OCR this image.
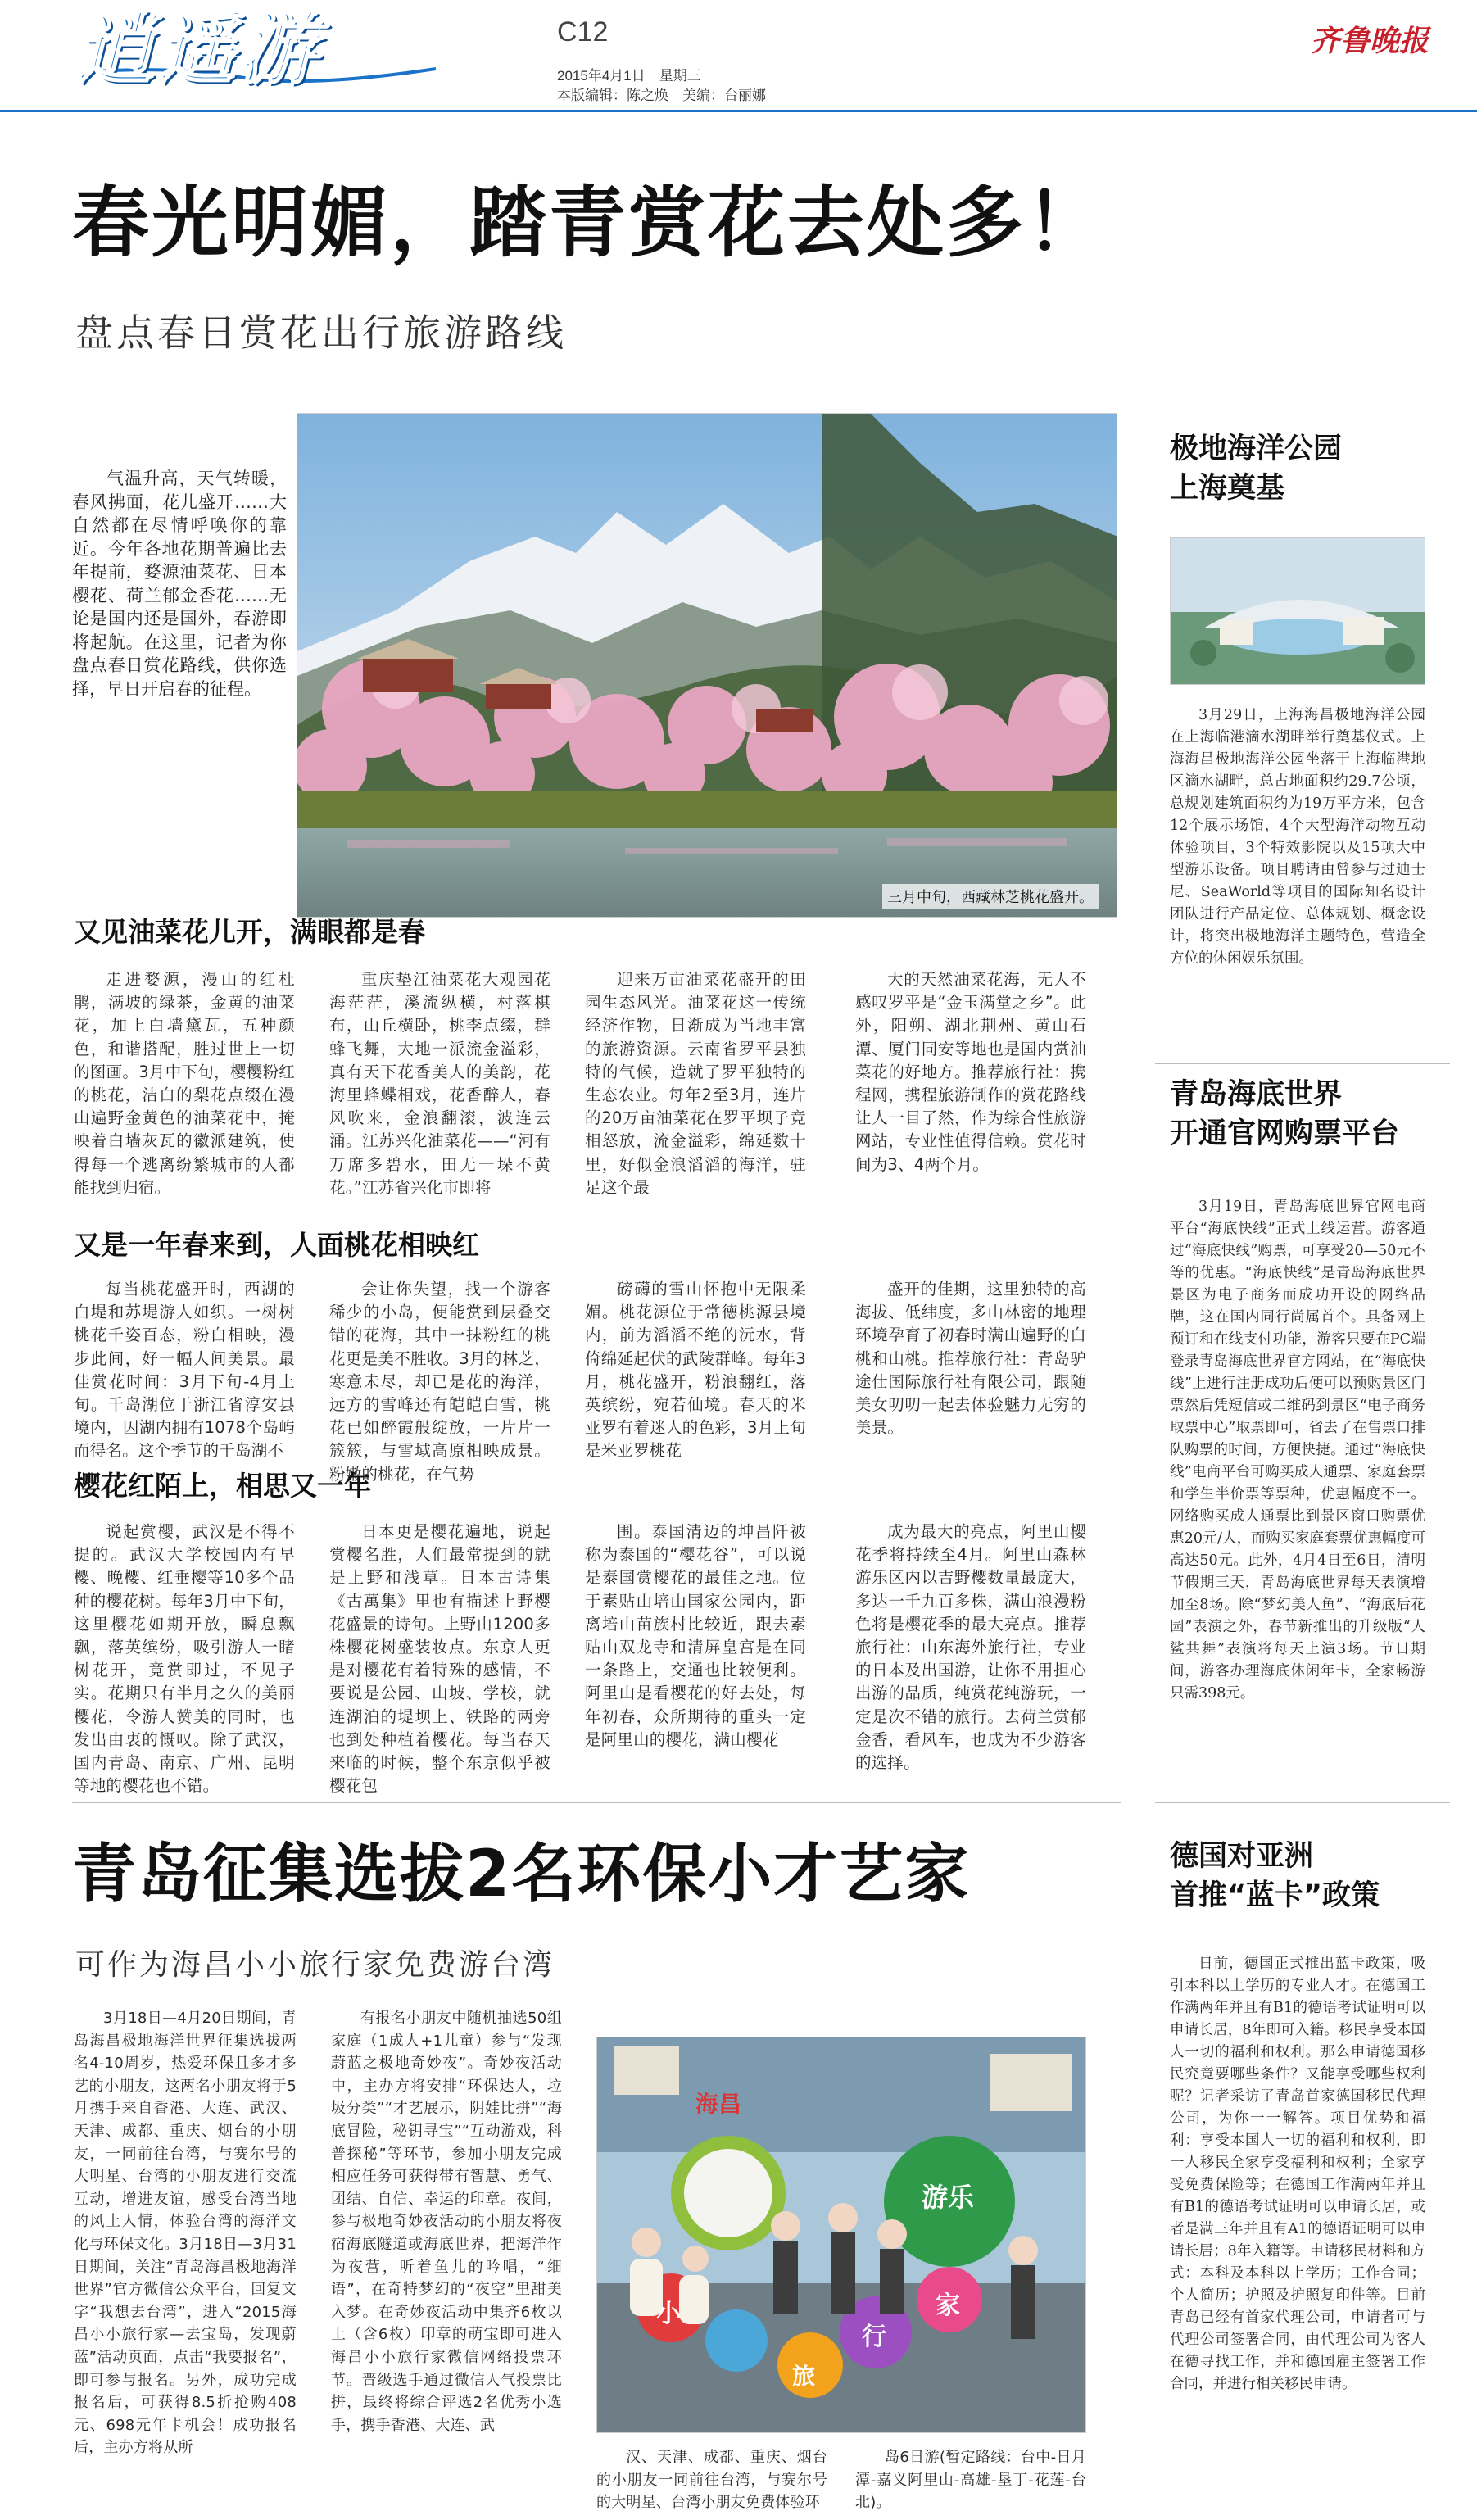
逍遥游	C12
2015年4月1日　星期三
本版编辑：陈之焕　美编：台丽娜
齐鲁晚报
春光明媚，踏青赏花去处多！
盘点春日赏花出行旅游路线
三月中旬，西藏林芝桃花盛开。
气温升高，天气转暖，春风拂面，花儿盛开……大自然都在尽情呼唤你的靠近。今年各地花期普遍比去年提前，婺源油菜花、日本樱花、荷兰郁金香花……无论是国内还是国外，春游即将起航。在这里，记者为你盘点春日赏花路线，供你选择，早日开启春的征程。
又见油菜花儿开，满眼都是春

走进婺源，漫山的红杜鹃，满坡的绿茶，金黄的油菜花，加上白墙黛瓦，五种颜色，和谐搭配，胜过世上一切的图画。3月中下旬，樱樱粉红的桃花，洁白的梨花点缀在漫山遍野金黄色的油菜花中，掩映着白墙灰瓦的徽派建筑，使得每一个逃离纷繁城市的人都能找到归宿。

重庆垫江油菜花大观园花海茫茫，溪流纵横，村落棋布，山丘横卧，桃李点缀，群蜂飞舞，大地一派流金溢彩，真有天下花香美人的美韵，花海里蜂蝶相戏，花香醉人，春风吹来，金浪翻滚，波连云涌。江苏兴化油菜花——“河有万席多碧水，田无一垛不黄花。”江苏省兴化市即将

迎来万亩油菜花盛开的田园生态风光。油菜花这一传统经济作物，日渐成为当地丰富的旅游资源。云南省罗平县独特的气候，造就了罗平独特的生态农业。每年2至3月，连片的20万亩油菜花在罗平坝子竞相怒放，流金溢彩，绵延数十里，好似金浪滔滔的海洋，驻足这个最

大的天然油菜花海，无人不感叹罗平是“金玉满堂之乡”。此外，阳朔、湖北荆州、黄山石潭、厦门同安等地也是国内赏油菜花的好地方。推荐旅行社：携程网，携程旅游制作的赏花路线让人一目了然，作为综合性旅游网站，专业性值得信赖。赏花时间为3、4两个月。

又是一年春来到，人面桃花相映红

每当桃花盛开时，西湖的白堤和苏堤游人如织。一树树桃花千姿百态，粉白相映，漫步此间，好一幅人间美景。最佳赏花时间：3月下旬-4月上旬。千岛湖位于浙江省淳安县境内，因湖内拥有1078个岛屿而得名。这个季节的千岛湖不

会让你失望，找一个游客稀少的小岛，便能赏到层叠交错的花海，其中一抹粉红的桃花更是美不胜收。3月的林芝，寒意未尽，却已是花的海洋，远方的雪峰还有皑皑白雪，桃花已如醉霞般绽放，一片片一簇簇，与雪域高原相映成景。粉嫩的桃花，在气势

磅礴的雪山怀抱中无限柔媚。桃花源位于常德桃源县境内，前为滔滔不绝的沅水，背倚绵延起伏的武陵群峰。每年3月，桃花盛开，粉浪翻红，落英缤纷，宛若仙境。春天的米亚罗有着迷人的色彩，3月上旬是米亚罗桃花

盛开的佳期，这里独特的高海拔、低纬度，多山林密的地理环境孕育了初春时满山遍野的白桃和山桃。推荐旅行社：青岛驴途仕国际旅行社有限公司，跟随美女叨叨一起去体验魅力无穷的美景。

樱花红陌上，相思又一年

说起赏樱，武汉是不得不提的。武汉大学校园内有早樱、晚樱、红垂樱等10多个品种的樱花树。每年3月中下旬，这里樱花如期开放，瞬息飘飘，落英缤纷，吸引游人一睹树花开，竟赏即过，不见子实。花期只有半月之久的美丽樱花，令游人赞美的同时，也发出由衷的慨叹。除了武汉，国内青岛、南京、广州、昆明等地的樱花也不错。

日本更是樱花遍地，说起赏樱名胜，人们最常提到的就是上野和浅草。日本古诗集《古萬集》里也有描述上野樱花盛景的诗句。上野由1200多株樱花树盛装妆点。东京人更是对樱花有着特殊的感情，不要说是公园、山坡、学校，就连湖泊的堤坝上、铁路的两旁也到处种植着樱花。每当春天来临的时候，整个东京似乎被樱花包

围。泰国清迈的坤昌阡被称为泰国的“樱花谷”，可以说是泰国赏樱花的最佳之地。位于素贴山培山国家公园内，距离培山苗族村比较近，跟去素贴山双龙寺和清屏皇宫是在同一条路上，交通也比较便利。阿里山是看樱花的好去处，每年初春，众所期待的重头一定是阿里山的樱花，满山樱花

成为最大的亮点，阿里山樱花季将持续至4月。阿里山森林游乐区内以吉野樱数量最庞大，多达一千九百多株，满山浪漫粉色将是樱花季的最大亮点。推荐旅行社：山东海外旅行社，专业的日本及出国游，让你不用担心出游的品质，纯赏花纯游玩，一定是次不错的旅行。去荷兰赏郁金香，看风车，也成为不少游客的选择。

青岛征集选拔2名环保小才艺家
可作为海昌小小旅行家免费游台湾

3月18日—4月20日期间，青岛海昌极地海洋世界征集选拔两名4-10周岁，热爱环保且多才多艺的小朋友，这两名小朋友将于5月携手来自香港、大连、武汉、天津、成都、重庆、烟台的小朋友，一同前往台湾，与赛尔号的大明星、台湾的小朋友进行交流互动，增进友谊，感受台湾当地的风土人情，体验台湾的海洋文化与环保文化。3月18日—3月31日期间，关注“青岛海昌极地海洋世界”官方微信公众平台，回复文字“我想去台湾”，进入“2015海昌小小旅行家—去宝岛，发现蔚蓝”活动页面，点击“我要报名”，即可参与报名。另外，成功完成报名后，可获得8.5折抢购408元、698元年卡机会！成功报名后，主办方将从所

有报名小朋友中随机抽选50组家庭（1成人+1儿童）参与“发现蔚蓝之极地奇妙夜”。奇妙夜活动中，主办方将安排“环保达人，垃圾分类”“才艺展示，阴娃比拼”“海底冒险，秘钥寻宝”“互动游戏，科普探秘”等环节，参加小朋友完成相应任务可获得带有智慧、勇气、团结、自信、幸运的印章。夜间，参与极地奇妙夜活动的小朋友将夜宿海底隧道或海底世界，把海洋作为夜营，听着鱼儿的吟唱，“细语”，在奇特梦幻的“夜空”里甜美入梦。在奇妙夜活动中集齐6枚以上（含6枚）印章的萌宝即可进入海昌小小旅行家微信网络投票环节。晋级选手通过微信人气投票比拼，最终将综合评选2名优秀小选手，携手香港、大连、武

海昌
旅
小
行
家
游乐

汉、天津、成都、重庆、烟台的小朋友一同前往台湾，与赛尔号的大明星、台湾小朋友免费体验环

岛6日游(暂定路线：台中-日月潭-嘉义阿里山-高雄-垦丁-花莲-台北)。

极地海洋公园
上海奠基

3月29日，上海海昌极地海洋公园在上海临港滴水湖畔举行奠基仪式。上海海昌极地海洋公园坐落于上海临港地区滴水湖畔，总占地面积约29.7公顷，总规划建筑面积约为19万平方米，包含12个展示场馆，4个大型海洋动物互动体验项目，3个特效影院以及15项大中型游乐设备。项目聘请由曾参与过迪士尼、SeaWorld等项目的国际知名设计团队进行产品定位、总体规划、概念设计，将突出极地海洋主题特色，营造全方位的休闲娱乐氛围。

青岛海底世界
开通官网购票平台

3月19日，青岛海底世界官网电商平台“海底快线”正式上线运营。游客通过“海底快线”购票，可享受20—50元不等的优惠。“海底快线”是青岛海底世界景区为电子商务而成功开设的网络品牌，这在国内同行尚属首个。具备网上预订和在线支付功能，游客只要在PC端登录青岛海底世界官方网站，在“海底快线”上进行注册成功后便可以预购景区门票然后凭短信或二维码到景区“电子商务取票中心”取票即可，省去了在售票口排队购票的时间，方便快捷。通过“海底快线”电商平台可购买成人通票、家庭套票和学生半价票等票种，优惠幅度不一。网络购买成人通票比到景区窗口购票优惠20元/人，而购买家庭套票优惠幅度可高达50元。此外，4月4日至6日，清明节假期三天，青岛海底世界每天表演增加至8场。除“梦幻美人鱼”、“海底后花园”表演之外，春节新推出的升级版“人鲨共舞”表演将每天上演3场。节日期间，游客办理海底休闲年卡，全家畅游只需398元。

德国对亚洲
首推“蓝卡”政策

日前，德国正式推出蓝卡政策，吸引本科以上学历的专业人才。在德国工作满两年并且有B1的德语考试证明可以申请长居，8年即可入籍。移民享受本国人一切的福利和权利。那么申请德国移民究竟要哪些条件？又能享受哪些权利呢？记者采访了青岛首家德国移民代理公司，为你一一解答。项目优势和福利：享受本国人一切的福利和权利，即一人移民全家享受福利和权利；全家享受免费保险等；在德国工作满两年并且有B1的德语考试证明可以申请长居，或者是满三年并且有A1的德语证明可以申请长居；8年入籍等。申请移民材料和方式：本科及本科以上学历；工作合同；个人简历；护照及护照复印件等。目前青岛已经有首家代理公司，申请者可与代理公司签署合同，由代理公司为客人在德寻找工作，并和德国雇主签署工作合同，并进行相关移民申请。
